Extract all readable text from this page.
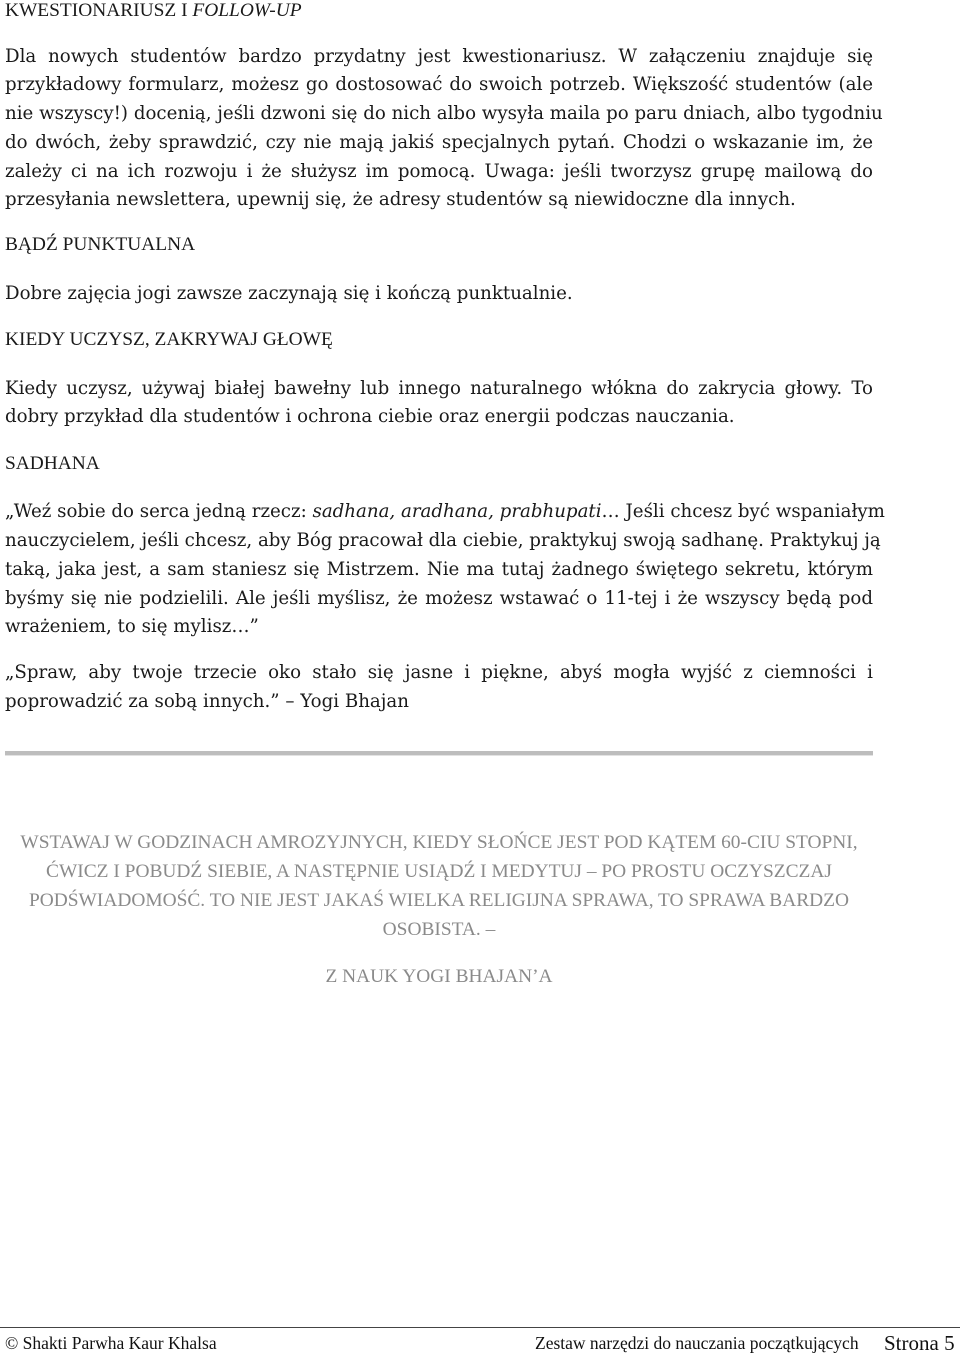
KWESTIONARIUSZ I FOLLOW-UP
Dla nowych studentów bardzo przydatny jest kwestionariusz. W załączeniu znajduje się
przykładowy formularz, możesz go dostosować do swoich potrzeb. Większość studentów (ale
nie wszyscy!) docenią, jeśli dzwoni się do nich albo wysyła maila po paru dniach, albo tygodniu
do dwóch, żeby sprawdzić, czy nie mają jakiś specjalnych pytań. Chodzi o wskazanie im, że
zależy ci na ich rozwoju i że służysz im pomocą. Uwaga: jeśli tworzysz grupę mailową do
przesyłania newslettera, upewnij się, że adresy studentów są niewidoczne dla innych.
BĄDŹ PUNKTUALNA
Dobre zajęcia jogi zawsze zaczynają się i kończą punktualnie.
KIEDY UCZYSZ, ZAKRYWAJ GŁOWĘ
Kiedy uczysz, używaj białej bawełny lub innego naturalnego włókna do zakrycia głowy. To
dobry przykład dla studentów i ochrona ciebie oraz energii podczas nauczania.
SADHANA
„Weź sobie do serca jedną rzecz: sadhana, aradhana, prabhupati… Jeśli chcesz być wspaniałym
nauczycielem, jeśli chcesz, aby Bóg pracował dla ciebie, praktykuj swoją sadhanę. Praktykuj ją
taką, jaka jest, a sam staniesz się Mistrzem. Nie ma tutaj żadnego świętego sekretu, którym
byśmy się nie podzielili. Ale jeśli myślisz, że możesz wstawać o 11-tej i że wszyscy będą pod
wrażeniem, to się mylisz…”
„Spraw, aby twoje trzecie oko stało się jasne i piękne, abyś mogła wyjść z ciemności i
poprowadzić za sobą innych.” – Yogi Bhajan
WSTAWAJ W GODZINACH AMROZYJNYCH, KIEDY SŁOŃCE JEST POD KĄTEM 60-CIU STOPNI,
ĆWICZ I POBUDŹ SIEBIE, A NASTĘPNIE USIĄDŹ I MEDYTUJ – PO PROSTU OCZYSZCZAJ
PODŚWIADOMOŚĆ. TO NIE JEST JAKAŚ WIELKA RELIGIJNA SPRAWA, TO SPRAWA BARDZO
OSOBISTA. –
Z NAUK YOGI BHAJAN’A
© Shakti Parwha Kaur Khalsa	Zestaw narzędzi do nauczania początkujących Strona 5
